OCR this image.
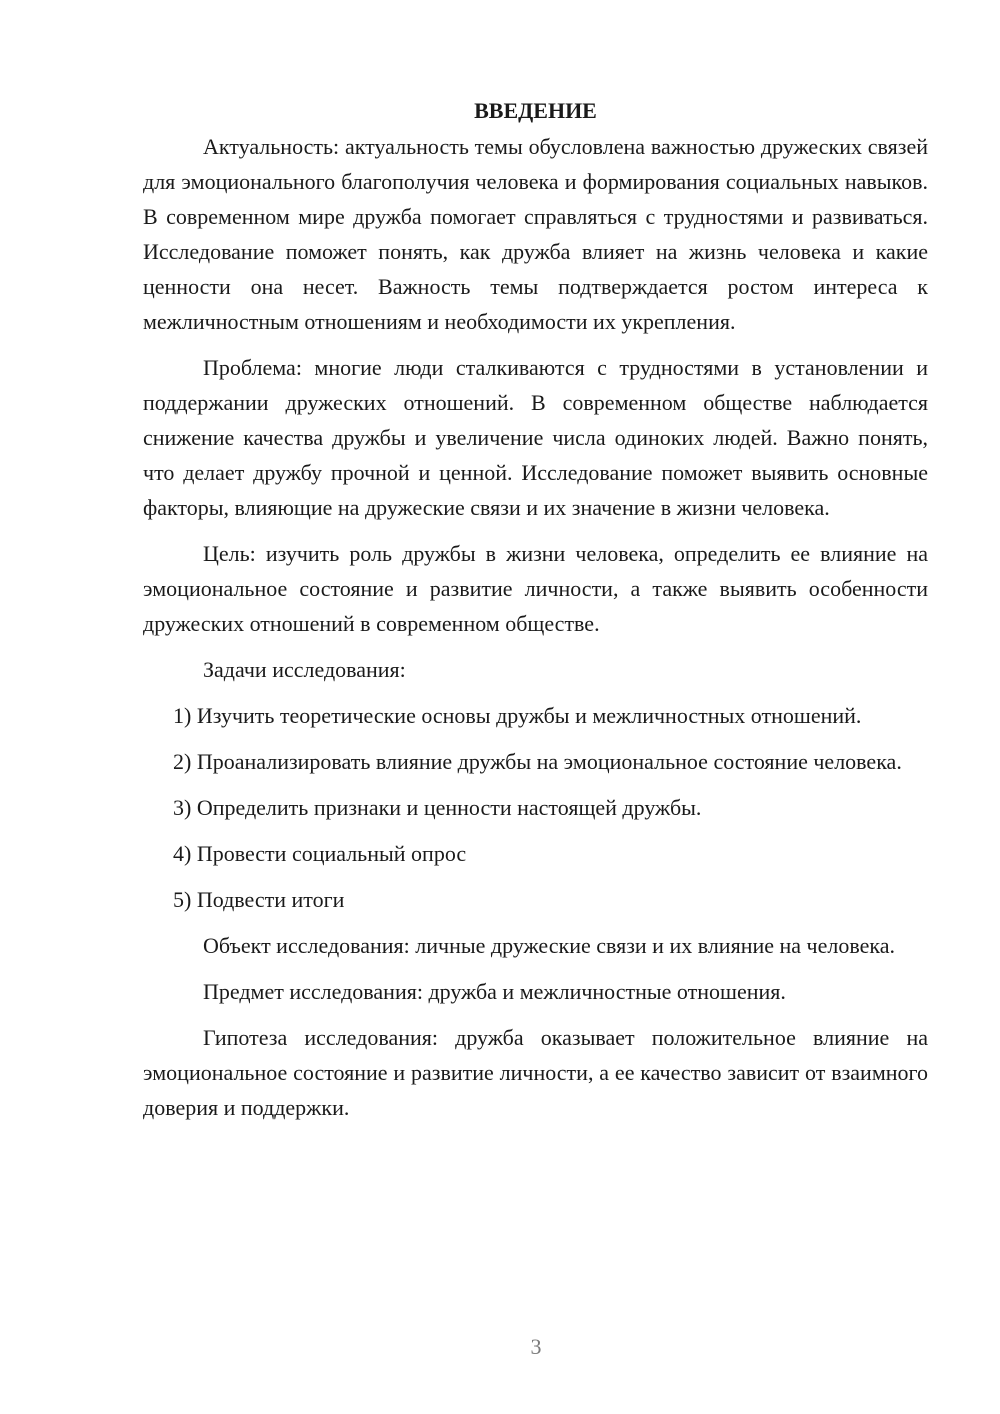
ВВЕДЕНИЕ

Актуальность: актуальность темы обусловлена важностью дружеских связей для эмоционального благополучия человека и формирования социальных навыков. В современном мире дружба помогает справляться с трудностями и развиваться. Исследование поможет понять, как дружба влияет на жизнь человека и какие ценности она несет. Важность темы подтверждается ростом интереса к межличностным отношениям и необходимости их укрепления.

Проблема: многие люди сталкиваются с трудностями в установлении и поддержании дружеских отношений. В современном обществе наблюдается снижение качества дружбы и увеличение числа одиноких людей. Важно понять, что делает дружбу прочной и ценной. Исследование поможет выявить основные факторы, влияющие на дружеские связи и их значение в жизни человека.

Цель: изучить роль дружбы в жизни человека, определить ее влияние на эмоциональное состояние и развитие личности, а также выявить особенности дружеских отношений в современном обществе.

Задачи исследования:

1) Изучить теоретические основы дружбы и межличностных отношений.

2) Проанализировать влияние дружбы на эмоциональное состояние человека.

3) Определить признаки и ценности настоящей дружбы.

4) Провести социальный опрос

5) Подвести итоги

Объект исследования: личные дружеские связи и их влияние на человека.

Предмет исследования: дружба и межличностные отношения.

Гипотеза исследования: дружба оказывает положительное влияние на эмоциональное состояние и развитие личности, а ее качество зависит от взаимного доверия и поддержки.

3
